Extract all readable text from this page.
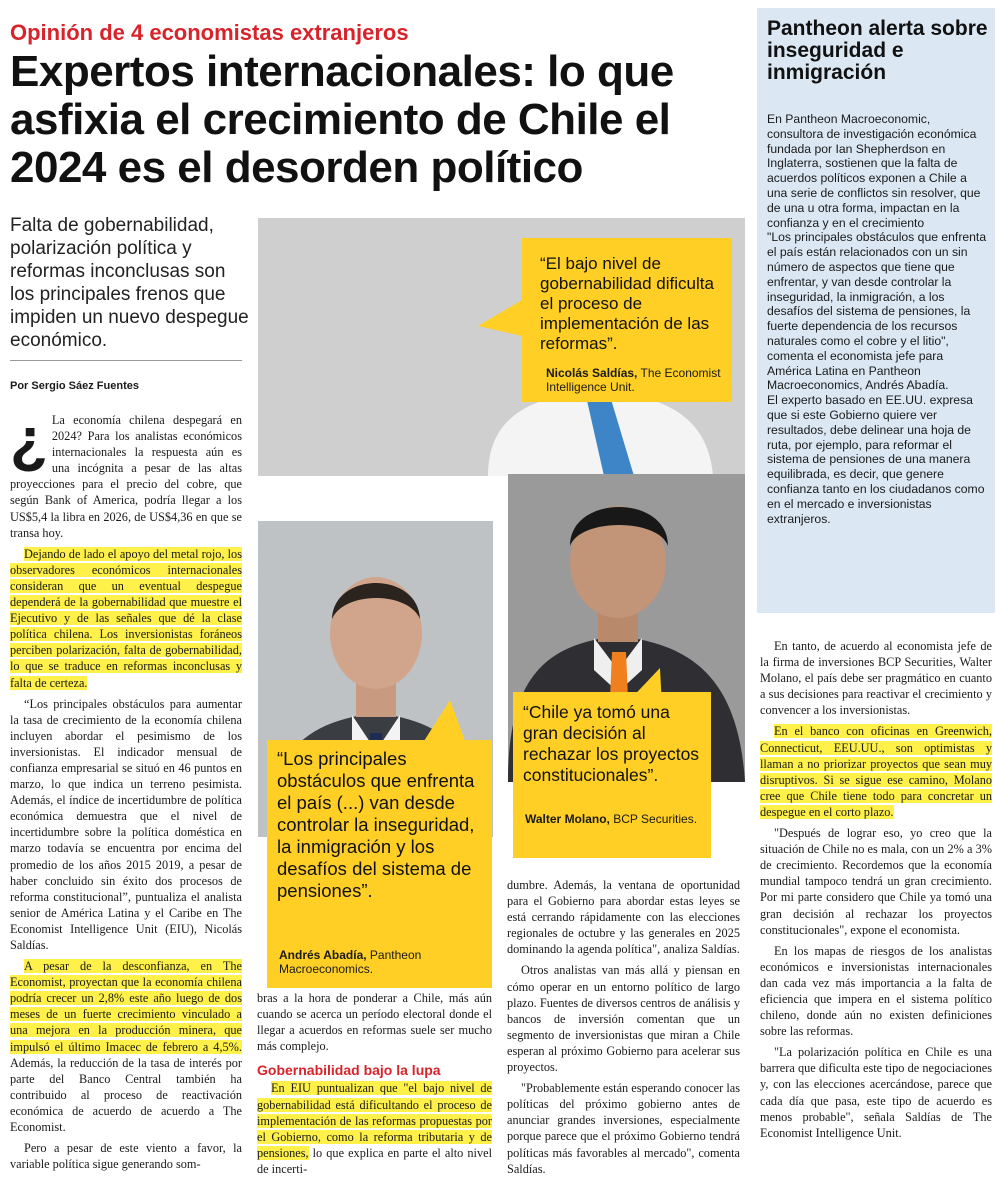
Opinión de 4 economistas extranjeros
Expertos internacionales: lo que asfixia el crecimiento de Chile el 2024 es el desorden político
Falta de gobernabilidad, polarización política y reformas inconclusas son los principales frenos que impiden un nuevo despegue económico.
Por Sergio Sáez Fuentes

¿ La economía chilena despegará en 2024? Para los analistas económicos internacionales la respuesta aún es una incógnita a pesar de las altas proyecciones para el precio del cobre, que según Bank of America, podría llegar a los US$5,4 la libra en 2026, de US$4,36 en que se transa hoy.

Dejando de lado el apoyo del metal rojo, los observadores económicos internacionales consideran que un eventual despegue dependerá de la gobernabilidad que muestre el Ejecutivo y de las señales que dé la clase política chilena. Los inversionistas foráneos perciben polarización, falta de gobernabilidad, lo que se traduce en reformas inconclusas y falta de certeza.

“Los principales obstáculos para aumentar la tasa de crecimiento de la economía chilena incluyen abordar el pesimismo de los inversionistas. El indicador mensual de confianza empresarial se situó en 46 puntos en marzo, lo que indica un terreno pesimista. Además, el índice de incertidumbre de política económica demuestra que el nivel de incertidumbre sobre la política doméstica en marzo todavía se encuentra por encima del promedio de los años 2015 2019, a pesar de haber concluido sin éxito dos procesos de reforma constitucional”, puntualiza el analista senior de América Latina y el Caribe en The Economist Intelligence Unit (EIU), Nicolás Saldías.

A pesar de la desconfianza, en The Economist, proyectan que la economía chilena podría crecer un 2,8% este año luego de dos meses de un fuerte crecimiento vinculado a una mejora en la producción minera, que impulsó el último Imacec de febrero a 4,5%. Además, la reducción de la tasa de interés por parte del Banco Central también ha contribuido al proceso de reactivación económica de acuerdo de acuerdo a The Economist.

Pero a pesar de este viento a favor, la variable política sigue generando som-

“El bajo nivel de gobernabilidad dificulta el proceso de implementación de las reformas”.
Nicolás Saldías, The Economist Intelligence Unit.
“Los principales obstáculos que enfrenta el país (...) van desde controlar la inseguridad, la inmigración y los desafíos del sistema de pensiones”.
Andrés Abadía, Pantheon Macroeconomics.
“Chile ya tomó una gran decisión al rechazar los proyectos constitucionales”.
Walter Molano, BCP Securities.

bras a la hora de ponderar a Chile, más aún cuando se acerca un período electoral donde el llegar a acuerdos en reformas suele ser mucho más complejo.

Gobernabilidad bajo la lupa

En EIU puntualizan que "el bajo nivel de gobernabilidad está dificultando el proceso de implementación de las reformas propuestas por el Gobierno, como la reforma tributaria y de pensiones, lo que explica en parte el alto nivel de incerti-

dumbre. Además, la ventana de oportunidad para el Gobierno para abordar estas leyes se está cerrando rápidamente con las elecciones regionales de octubre y las generales en 2025 dominando la agenda política", analiza Saldías.

Otros analistas van más allá y piensan en cómo operar en un entorno político de largo plazo. Fuentes de diversos centros de análisis y bancos de inversión comentan que un segmento de inversionistas que miran a Chile esperan al próximo Gobierno para acelerar sus proyectos.

"Probablemente están esperando conocer las políticas del próximo gobierno antes de anunciar grandes inversiones, especialmente porque parece que el próximo Gobierno tendrá políticas más favorables al mercado", comenta Saldías.

Pantheon alerta sobre inseguridad e inmigración
En Pantheon Macroeconomic, consultora de investigación económica fundada por Ian Shepherdson en Inglaterra, sostienen que la falta de acuerdos políticos exponen a Chile a una serie de conflictos sin resolver, que de una u otra forma, impactan en la confianza y en el crecimiento
"Los principales obstáculos que enfrenta el país están relacionados con un sin número de aspectos que tiene que enfrentar, y van desde controlar la inseguridad, la inmigración, a los desafíos del sistema de pensiones, la fuerte dependencia de los recursos naturales como el cobre y el litio", comenta el economista jefe para América Latina en Pantheon Macroeconomics, Andrés Abadía.
El experto basado en EE.UU. expresa que si este Gobierno quiere ver resultados, debe delinear una hoja de ruta, por ejemplo, para reformar el sistema de pensiones de una manera equilibrada, es decir, que genere confianza tanto en los ciudadanos como en el mercado e inversionistas extranjeros.

En tanto, de acuerdo al economista jefe de la firma de inversiones BCP Securities, Walter Molano, el país debe ser pragmático en cuanto a sus decisiones para reactivar el crecimiento y convencer a los inversionistas.

En el banco con oficinas en Greenwich, Connecticut, EEU.UU., son optimistas y llaman a no priorizar proyectos que sean muy disruptivos. Si se sigue ese camino, Molano cree que Chile tiene todo para concretar un despegue en el corto plazo.

"Después de lograr eso, yo creo que la situación de Chile no es mala, con un 2% a 3% de crecimiento. Recordemos que la economía mundial tampoco tendrá un gran crecimiento. Por mi parte considero que Chile ya tomó una gran decisión al rechazar los proyectos constitucionales", expone el economista.

En los mapas de riesgos de los analistas económicos e inversionistas internacionales dan cada vez más importancia a la falta de eficiencia que impera en el sistema político chileno, donde aún no existen definiciones sobre las reformas.

"La polarización política en Chile es una barrera que dificulta este tipo de negociaciones y, con las elecciones acercándose, parece que cada día que pasa, este tipo de acuerdo es menos probable", señala Saldías de The Economist Intelligence Unit.
